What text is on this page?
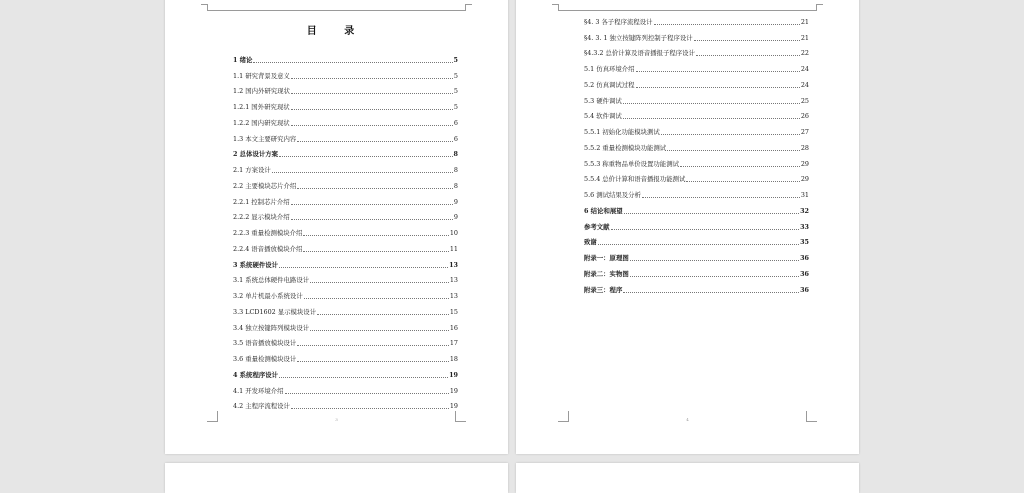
目 录
1 绪论	5
1.1 研究背景及意义	5
1.2 国内外研究现状	5
1.2.1 国外研究现状	5
1.2.2 国内研究现状	6
1.3 本文主要研究内容	6
2 总体设计方案	8
2.1 方案设计	8
2.2 主要模块芯片介绍	8
2.2.1 控制芯片介绍	9
2.2.2 显示模块介绍	9
2.2.3 重量检测模块介绍	10
2.2.4 语音播放模块介绍	11
3 系统硬件设计	13
3.1 系统总体硬件电路设计	13
3.2 单片机最小系统设计	13
3.3 LCD1602 显示模块设计	15
3.4 独立按键阵列模块设计	16
3.5 语音播放模块设计	17
3.6 重量检测模块设计	18
4 系统程序设计	19
4.1 开发环境介绍	19
4.2 主程序流程设计	19
3
§4. 3 各子程序流程设计	21
§4. 3. 1 独立按键阵列控制子程序设计	21
§4.3.2 总价计算及语音播报子程序设计	22
5.1 仿真环境介绍	24
5.2 仿真调试过程	24
5.3 硬件调试	25
5.4 软件调试	26
5.5.1 初始化功能模块测试	27
5.5.2 重量检测模块功能测试	28
5.5.3 称重物品单价设置功能测试	29
5.5.4 总价计算和语音播报功能测试	29
5.6 测试结果及分析	31
6 结论和展望	32
参考文献	33
致谢	35
附录一：原理图	36
附录二：实物图	36
附录三：程序	36
4
